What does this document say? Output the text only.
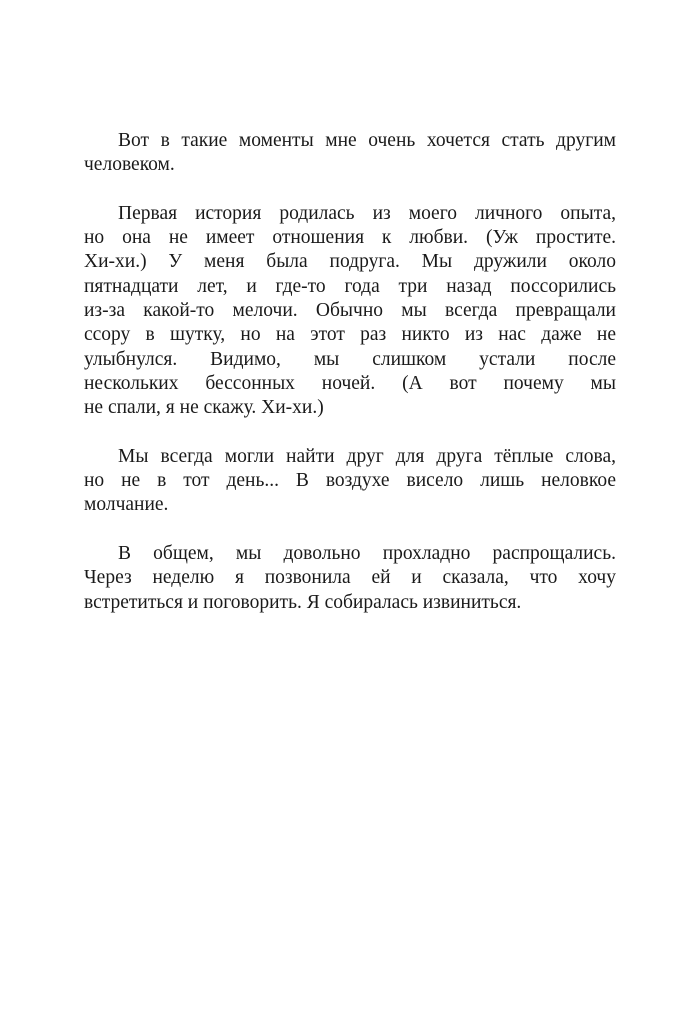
Вот в такие моменты мне очень хочется стать другим
человеком.

Первая история родилась из моего личного опыта,
но она не имеет отношения к любви. (Уж простите.
Хи-хи.) У меня была подруга. Мы дружили около
пятнадцати лет, и где-то года три назад поссорились
из-за какой-то мелочи. Обычно мы всегда превращали
ссору в шутку, но на этот раз никто из нас даже не
улыбнулся. Видимо, мы слишком устали после
нескольких бессонных ночей. (А вот почему мы
не спали, я не скажу. Хи-хи.)

Мы всегда могли найти друг для друга тёплые слова,
но не в тот день... В воздухе висело лишь неловкое
молчание.

В общем, мы довольно прохладно распрощались.
Через неделю я позвонила ей и сказала, что хочу
встретиться и поговорить. Я собиралась извиниться.
